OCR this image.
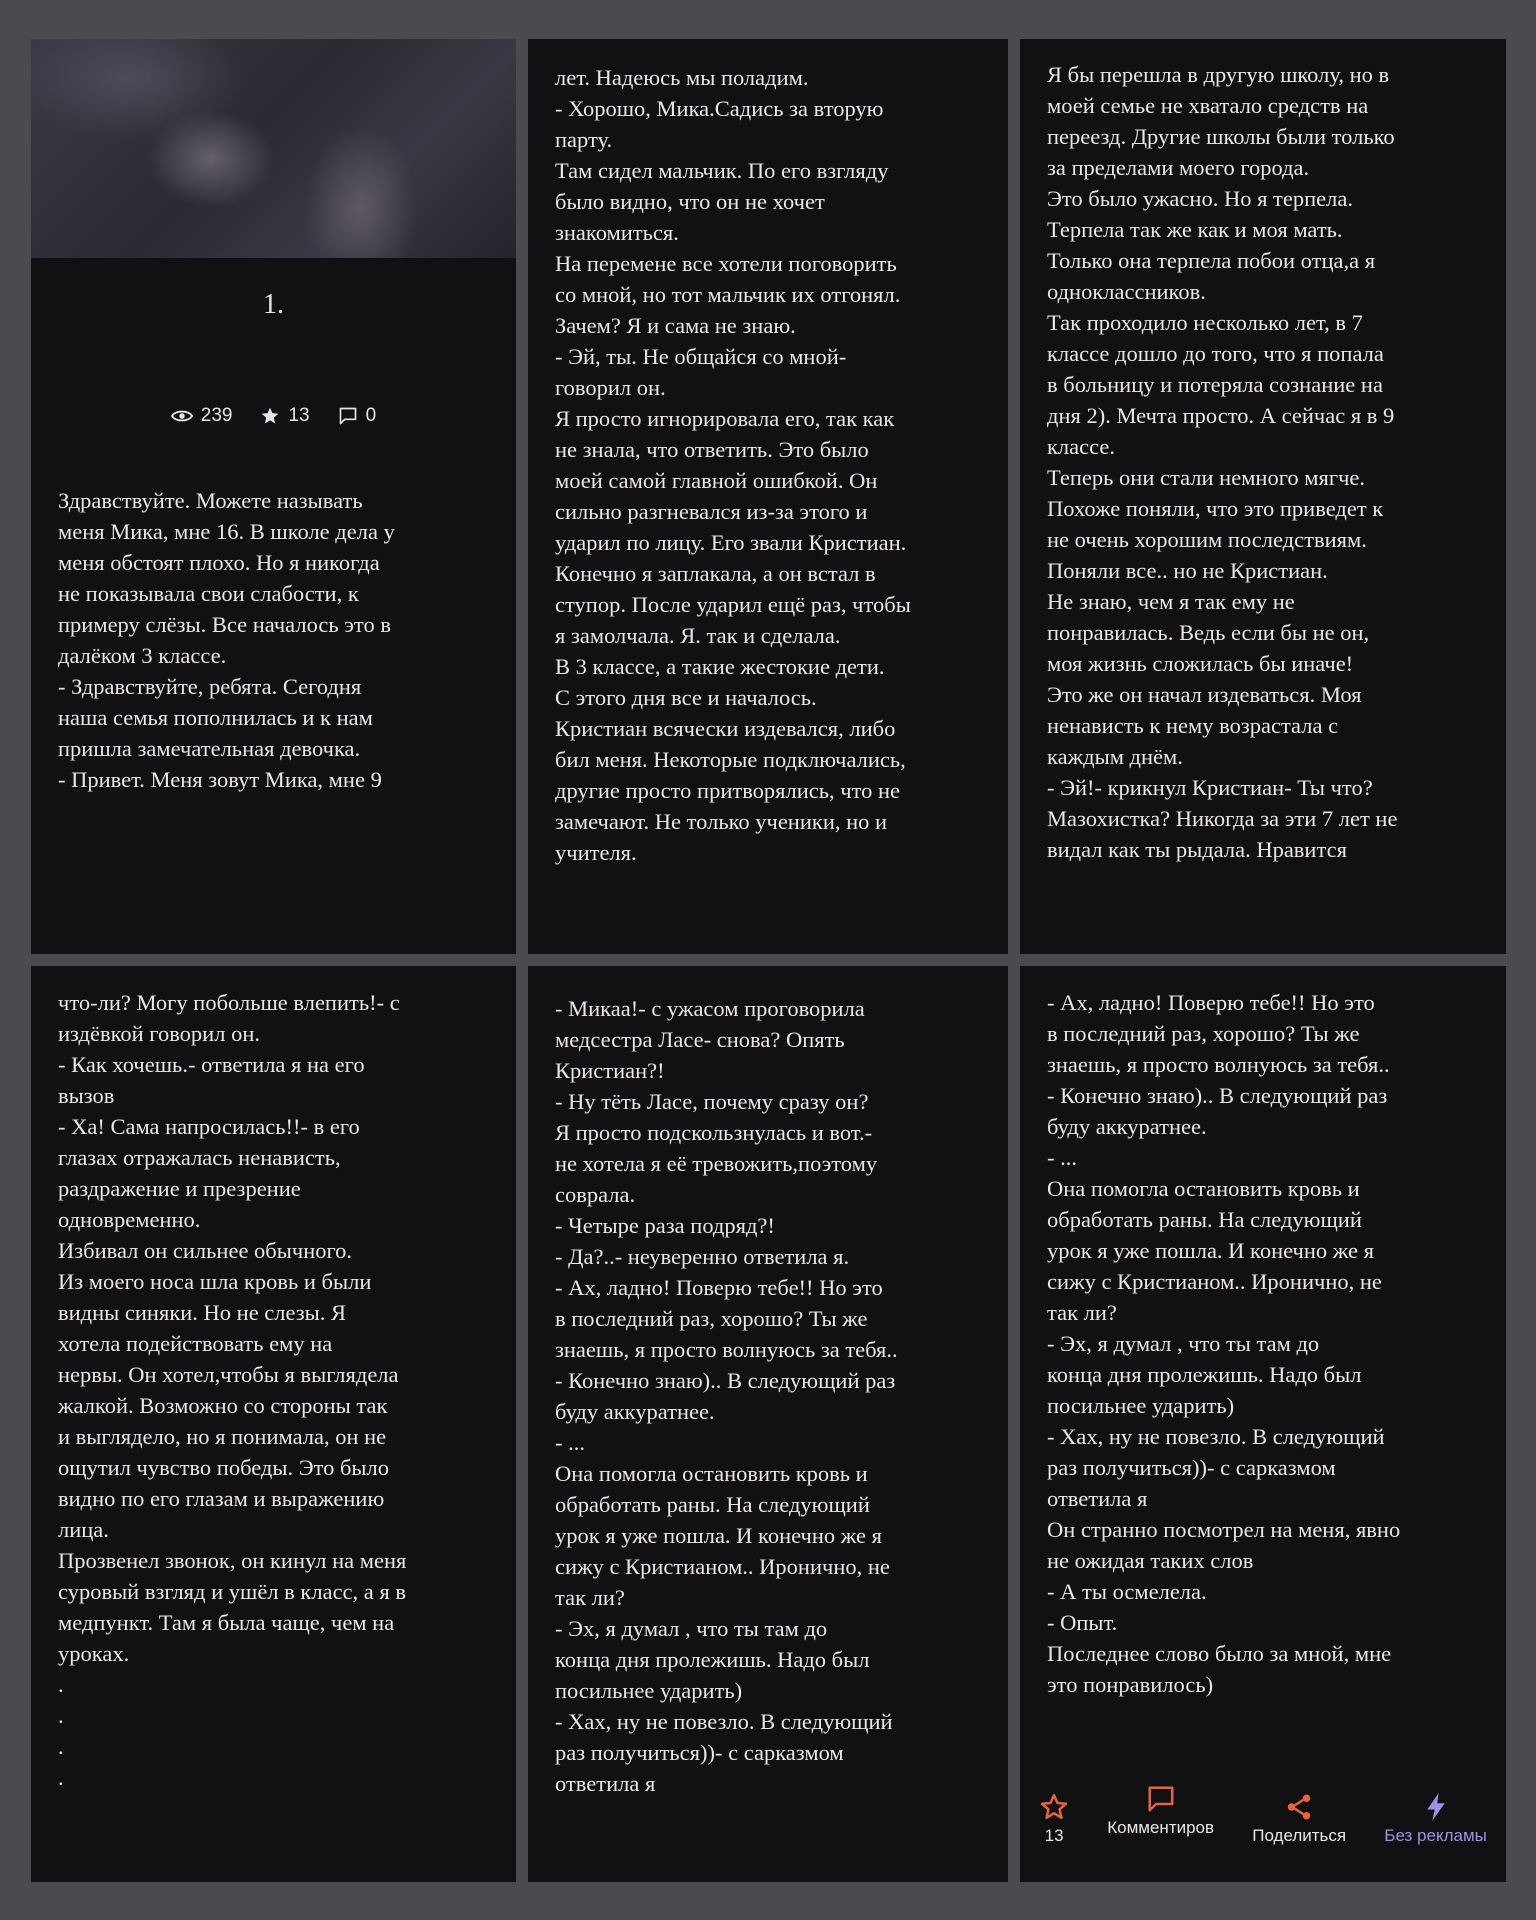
1.
239	13	0
Здравствуйте. Можете называть
меня Мика, мне 16. В школе дела у
меня обстоят плохо. Но я никогда
не показывала свои слабости, к
примеру слёзы. Все началось это в
далёком 3 классе.
- Здравствуйте, ребята. Сегодня
наша семья пополнилась и к нам
пришла замечательная девочка.
- Привет. Меня зовут Мика, мне 9
лет. Надеюсь мы поладим.
- Хорошо, Мика.Садись за вторую
парту.
Там сидел мальчик. По его взгляду
было видно, что он не хочет
знакомиться.
На перемене все хотели поговорить
со мной, но тот мальчик их отгонял.
Зачем? Я и сама не знаю.
- Эй, ты. Не общайся со мной-
говорил он.
Я просто игнорировала его, так как
не знала, что ответить. Это было
моей самой главной ошибкой. Он
сильно разгневался из-за этого и
ударил по лицу. Его звали Кристиан.
Конечно я заплакала, а он встал в
ступор. После ударил ещё раз, чтобы
я замолчала. Я. так и сделала.
В 3 классе, а такие жестокие дети.
С этого дня все и началось.
Кристиан всячески издевался, либо
бил меня. Некоторые подключались,
другие просто притворялись, что не
замечают. Не только ученики, но и
учителя.
Я бы перешла в другую школу, но в
моей семье не хватало средств на
переезд. Другие школы были только
за пределами моего города.
Это было ужасно. Но я терпела.
Терпела так же как и моя мать.
Только она терпела побои отца,а я
одноклассников.
Так проходило несколько лет, в 7
классе дошло до того, что я попала
в больницу и потеряла сознание на
дня 2). Мечта просто. А сейчас я в 9
классе.
Теперь они стали немного мягче.
Похоже поняли, что это приведет к
не очень хорошим последствиям.
Поняли все.. но не Кристиан.
Не знаю, чем я так ему не
понравилась. Ведь если бы не он,
моя жизнь сложилась бы иначе!
Это же он начал издеваться. Моя
ненависть к нему возрастала с
каждым днём.
- Эй!- крикнул Кристиан- Ты что?
Мазохистка? Никогда за эти 7 лет не
видал как ты рыдала. Нравится
что-ли? Могу побольше влепить!- с
издёвкой говорил он.
- Как хочешь.- ответила я на его
вызов
- Ха! Сама напросилась!!- в его
глазах отражалась ненависть,
раздражение и презрение
одновременно.
Избивал он сильнее обычного.
Из моего носа шла кровь и были
видны синяки. Но не слезы. Я
хотела подействовать ему на
нервы. Он хотел,чтобы я выглядела
жалкой. Возможно со стороны так
и выглядело, но я понимала, он не
ощутил чувство победы. Это было
видно по его глазам и выражению
лица.
Прозвенел звонок, он кинул на меня
суровый взгляд и ушёл в класс, а я в
медпункт. Там я была чаще, чем на
уроках.
.
.
.
.
- Микаа!- с ужасом проговорила
медсестра Ласе- снова? Опять
Кристиан?!
- Ну тёть Ласе, почему сразу он?
Я просто подскользнулась и вот.-
не хотела я её тревожить,поэтому
соврала.
- Четыре раза подряд?!
- Да?..- неуверенно ответила я.
- Ах, ладно! Поверю тебе!! Но это
в последний раз, хорошо? Ты же
знаешь, я просто волнуюсь за тебя..
- Конечно знаю).. В следующий раз
буду аккуратнее.
- ...
Она помогла остановить кровь и
обработать раны. На следующий
урок я уже пошла. И конечно же я
сижу с Кристианом.. Иронично, не
так ли?
- Эх, я думал , что ты там до
конца дня пролежишь. Надо был
посильнее ударить)
- Хах, ну не повезло. В следующий
раз получиться))- с сарказмом
ответила я
- Ах, ладно! Поверю тебе!! Но это
в последний раз, хорошо? Ты же
знаешь, я просто волнуюсь за тебя..
- Конечно знаю).. В следующий раз
буду аккуратнее.
- ...
Она помогла остановить кровь и
обработать раны. На следующий
урок я уже пошла. И конечно же я
сижу с Кристианом.. Иронично, не
так ли?
- Эх, я думал , что ты там до
конца дня пролежишь. Надо был
посильнее ударить)
- Хах, ну не повезло. В следующий
раз получиться))- с сарказмом
ответила я
Он странно посмотрел на меня, явно
не ожидая таких слов
- А ты осмелела.
- Опыт.
Последнее слово было за мной, мне
это понравилось)
13	Комментиров Поделиться Без рекламы
